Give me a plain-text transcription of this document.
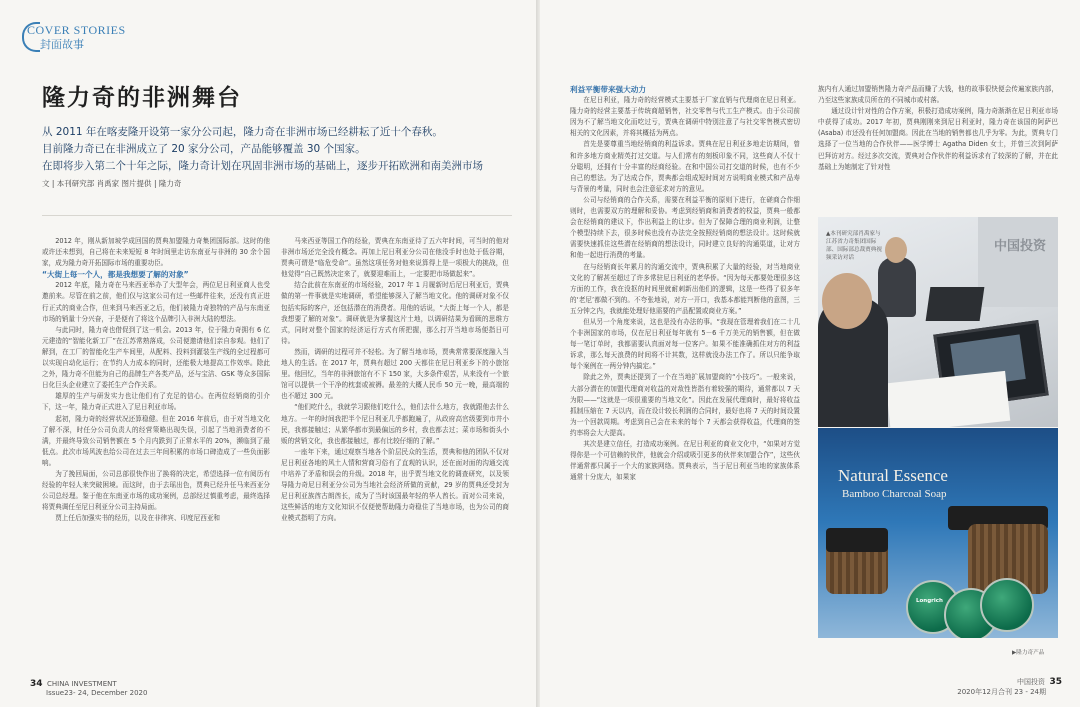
COVER STORIES
封面故事
隆力奇的非洲舞台
从 2011 年在喀麦隆开设第一家分公司起，隆力奇在非洲市场已经耕耘了近十个春秋。
目前隆力奇已在非洲成立了 20 家分公司，产品能够覆盖 30 个国家。
在即将步入第二个十年之际，隆力奇计划在巩固非洲市场的基础上，逐步开拓欧洲和南美洲市场
文 | 本刊研究部 肖禹家 图片提供 | 隆力奇

2012 年，刚从新加坡学成回国的贾典加盟隆力奇集团国际部。这时的他或许还未想到，自己将在未来短短 8 年时间里走访东南亚与非洲的 30 余个国家，成为隆力奇开拓国际市场的重要功臣。

“大街上每一个人，都是我想要了解的对象”

2012 年底，隆力奇在马来西亚举办了大型年会，两位尼日利亚商人也受邀前来。尽管在前之前，他们仅与这家公司有过一些邮件往来，还没有真正进行正式的商业合作，但来到马来西亚之后，他们被隆力奇独特的产品与东南亚市场的销量十分兴奋，于是便有了将这个品牌引入非洲大陆的想法。

与此同时，隆力奇也借促到了这一机会。2013 年，位于隆力奇拥有 6 亿元建造的“智能化新工厂”在江苏常熟落成，公司便邀请他们亲自参观。他们了解到，在工厂的智能化生产车间里，从配料、投料到灌装生产线的全过程都可以实现自动化运行；在节约人力成本的同时，还能极大地提高工作效率。除此之外，隆力奇不但能为自己的品牌生产各类产品，还与宝洁、GSK 等众多国际日化巨头企业建立了委托生产合作关系。

雄厚的生产与研发实力也让他们有了充足的信心。在两位经销商的引介下，这一年，隆力奇正式进入了尼日利亚市场。

起初，隆力奇的经营状况还算稳健。但在 2016 年前后，由于对当地文化了解不深，时任分公司负责人的经营策略出现失误，引起了当地消费者的不满，并最终导致公司销售额在 5 个月内跌到了正常水平的 20%，濒临到了最低点。此次市场风波也给公司在过去三年间积累的市场口碑造成了一些负面影响。

为了挽回局面，公司总部很快作出了换将的决定，希望选择一位有阅历有经验的年轻人来突破困境。而这时，由于去瑶出色，贾典已经升任马来西亚分公司总经理。鉴于他在东南亚市场的成功案例，总部经过慎重考虑，最终选择将贾典调任至尼日利亚分公司主持局面。

贾上任后加强实书的经历，以及在非律宾、印度尼西亚和

马来西亚等国工作的经验，贾典在东南亚待了五六年时间，可当时的他对非洲市场还完全没有概念。再加上尼日利亚分公司在他没手时也处于低谷期，贾典可谓是“临危受命”。虽然这项任务对他来说算得上是一项极大的挑战，但他觉得“自己既然决定来了，就要迎难而上，一定要把市场做起来”。

结合此前在东南亚的市场经验，2017 年 1 月履新时后尼日利亚后，贾典做的第一件事就是实地调研，希望能够深入了解当地文化。他的调研对象不仅包括实际的客户，还包括潜在的消费者。用他的话说，“大街上每一个人，都是我想要了解的对象”。调研就是为掌握这片土地，以调研结果为看顾的思维方式，同时对整个国家的经济运行方式有所把握，那么打开当地市场便指日可待。

然而，调研的过程可并不轻松。为了解当地市场，贾典常常要深度融入当地人的生活。在 2017 年，贾典有超过 200 天都住在尼日利亚乡下的小旅馆里。他回忆，当年的非洲旅馆有不下 150 家，大多条件艰苦，从来没有一个旅馆可以提供一个干净的枕套或被褥。最差的大概人民币 50 元一晚，最高端的也不超过 300 元。

“他们吃什么，我就学习跟他们吃什么，他们去什么地方，我就跟他去什么地方。一年的时间我把半个尼日利亚几乎都跑遍了，从政府高官级要到市井小民，我都接触过；从繁华都市到最偏远的乡村，我也都去过；菜市场和街头小贩的营销文化，我也都接触过，都有比较仔细的了解。”

一座年下来，通过观察当地各个阶层民众的生活，贾典和他的团队不仅对尼日利亚各地的风土人情和营商习俗有了直观的认识，还在面对面的沟通交流中培养了矛盾和误会的升级。2018 年，出乎贾当地文化的调查研究，以及领导隆力奇尼日利亚分公司为当地社会经济所做的贡献，29 岁的贾典还受封为尼日利亚族酋古朗酋长，成为了当时该国最年轻的华人酋长。而对公司来说，这些鲜活的地方文化知识不仅便使帮助隆力奇稳住了当地市场，也为公司的商业模式指明了方向。

34 CHINA INVESTMENT
Issue23- 24, December 2020

利益平衡带来强大动力

在尼日利亚，隆力奇的经营模式主要基于厂家直销与代理商在尼日利亚。隆力奇的经营主要基于传统商超销售，社交零售与代工生产模式。由于公司前因为不了解当地文化而吃过亏，贾典在调研中特别注意了与社交零售模式密切相关的文化因素，并将其概括为两点。

首先是要尊重当地经销商的利益诉求。贾典在尼日利亚多地走访期间，曾和许多地方商业精英打过交道。与人们常有的刻板印象不同，这些商人不仅十分聪明，还拥有十分丰富的经商经验。在和中国公司打交道的时候，也有不少自己的想法。为了达成合作，贾典都会组成短时间对方说明商业模式和产品寿与背景的考量，同时也会注意征求对方的意见。

公司与经销商的合作关系，需要在利益平衡的原则下进行，在磋商合作细则时，也需要双方的理解和妥协。考虑到经销商和消费者的权益，贾典一般都会在经销商的建议下，作出利益上的让步。但为了保障合理的商业利润，让整个模型持续下去，很多时候也没有办法完全按照经销商的想法设计。这时候就需要快速抓住这些潜在经销商的想法设计，同时建立良好的沟通渠道，让对方和他一起进行消费的考量。

在与经销商长年累月的沟通交流中，贾典积累了大量的经验，对当地商业文化的了解甚至超过了许多常驻尼日利亚的老华侨。“因为每天都要处理很多这方面的工作，我在没抠的时间里就耐刺新出他们的逻辑，这是一些得了很多年的‘老尼’都做不到的。不夸张地说，对方一开口，我基本都能判断他的意图，三五分钟之内，我就能处理好他需要的产品配置或商业方案。”

但从另一个角度来说，这也是没有办法的事。“我现在管理着我们在二十几个非洲国家的市场，仅在尼日利亚每年就有 5－6 千万美元的销售额，但在做每一笔订单时，我都需要认真面对每一位客户。如果不能准确抓住对方的利益诉求，那么每天浪费的时间将不计其数，这样就没办法工作了。所以只能争取每个案例在一两分钟内搞定。”

除此之外，贾典还提到了一个在当地扩展加盟商的“小技巧”。一般来说，大部分潜在的加盟代理商对收益的对敌性皆指有着较强的期待，通常都以 7 天为限——“这就是一项很重要的当地文化”。因此在发展代理商时，最好将收益抓制压缩在 7 天以内，而在设计较长利润的合同时，最好也将 7 天的时间设置为一个回款周期。考虑到自己会在未来的每个 7 天都会获得收益，代理商的签约率将会大大提高。

其次是建立信任，打造成功案例。在尼日利亚的商业文化中，“如果对方觉得你是一个可信赖的伙伴，他就会介绍或吸引更多的伙伴来加盟合作”，这些伙伴通常都只属于一个大的家族网络。贾典表示，当于尼日利亚当地的家族体系通常十分庞大，如果家

族内有人通过加盟销售隆力奇产品而赚了大钱，他的故事很快便会传遍家族内部，乃至这些家族成员所在的不同城市或村落。

通过设计针对性的合作方案，积极打造成功案例，隆力奇渐渐在尼日利亚市场中获得了成功。2017 年初，贾典刚刚来到尼日利亚时，隆力奇在该国的阿萨巴 (Asaba) 市还没有任何加盟商。因此在当地的销售都也几乎为零。为此，贾典专门选择了一位当地的合作伙伴——医学博士 Agatha Diden 女士，并曾三次到阿萨巴拜访对方。经过多次交流，贾典对合作伙伴的利益诉求有了较深的了解，并在此基础上为她制定了针对性

中国投资
▲本刊研究部肖禹家与江苏省力奇集团国际部、国际部总裁贾典视频采访对话
Natural Essence
Bamboo Charcoal Soap
Longrich
▶隆力奇产品
中国投资 35
2020年12月合刊 23 - 24期
